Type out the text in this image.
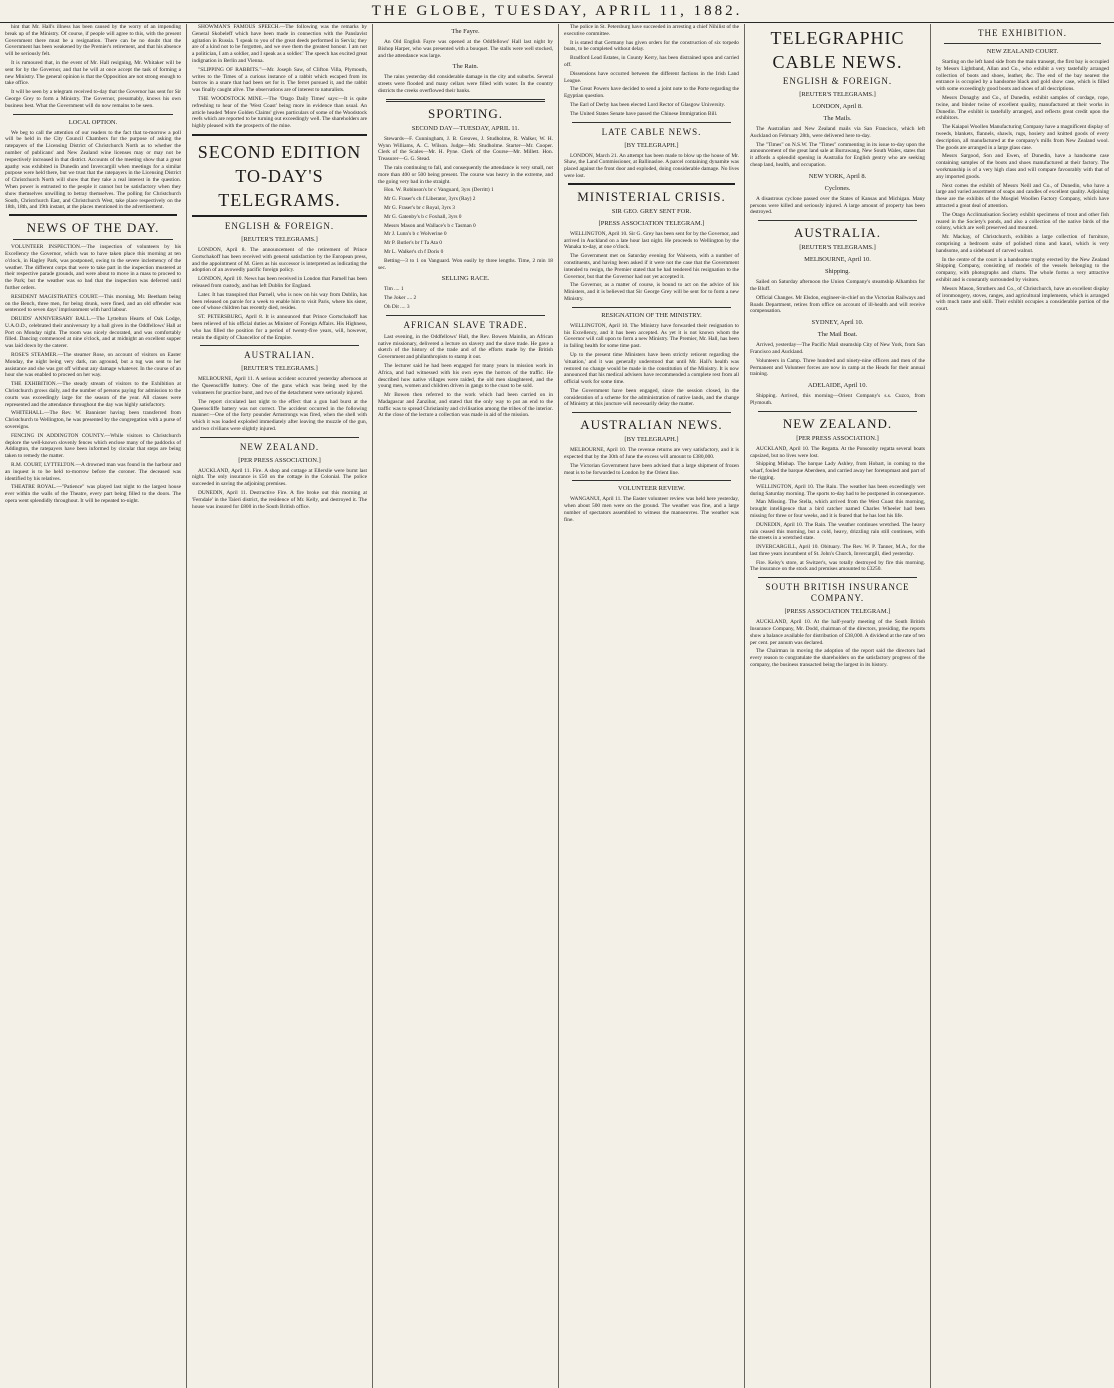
THE GLOBE, TUESDAY, APRIL 11, 1882.

hint that Mr. Hall's illness has been caused by the worry of an impending break up of the Ministry. Of course, if people will agree to this, with the present Government there must be a resignation. There can be no doubt that the Government has been weakened by the Premier's retirement, and that his absence will be seriously felt.

It is rumoured that, in the event of Mr. Hall resigning, Mr. Whitaker will be sent for by the Governor, and that he will at once accept the task of forming a new Ministry. The general opinion is that the Opposition are not strong enough to take office.

It will be seen by a telegram received to-day that the Governor has sent for Sir George Grey to form a Ministry. The Governor, presumably, knows his own business best. What the Government will do now remains to be seen.

LOCAL OPTION.

We beg to call the attention of our readers to the fact that to-morrow a poll will be held in the City Council Chambers for the purpose of asking the ratepayers of the Licensing District of Christchurch North as to whether the number of publicans' and New Zealand wine licenses may or may not be respectively increased in that district. Accounts of the meeting show that a great apathy was exhibited in Dunedin and Invercargill when meetings for a similar purpose were held there, but we trust that the ratepayers in the Licensing District of Christchurch North will show that they take a real interest in the question. When power is entrusted to the people it cannot but be satisfactory when they show themselves unwilling to betray themselves. The polling for Christchurch South, Christchurch East, and Christchurch West, take place respectively on the 18th, 18th, and 19th instant, at the places mentioned in the advertisement.

NEWS OF THE DAY.

VOLUNTEER INSPECTION.—The inspection of volunteers by his Excellency the Governor, which was to have taken place this morning at ten o'clock, in Hagley Park, was postponed, owing to the severe inclemency of the weather. The different corps that were to take part in the inspection mustered at their respective parade grounds, and were about to move in a mass to proceed to the Park; but the weather was so bad that the inspection was deferred until further orders.

RESIDENT MAGISTRATE'S COURT.—This morning, Mr. Beetham being on the Bench, three men, for being drunk, were fined, and an old offender was sentenced to seven days' imprisonment with hard labour.

DRUIDS' ANNIVERSARY BALL.—The Lyttelton Hearts of Oak Lodge, U.A.O.D., celebrated their anniversary by a ball given in the Oddfellows' Hall at Port on Monday night. The room was nicely decorated, and was comfortably filled. Dancing commenced at nine o'clock, and at midnight an excellent supper was laid down by the caterer.

ROSE'S STEAMER.—The steamer Rose, on account of visitors on Easter Monday, the night being very dark, ran aground, but a tug was sent to her assistance and she was got off without any damage whatever. In the course of an hour she was enabled to proceed on her way.

THE EXHIBITION.—The steady stream of visitors to the Exhibition at Christchurch grows daily, and the number of persons paying for admission to the courts was exceedingly large for the season of the year. All classes were represented and the attendance throughout the day was highly satisfactory.

WHITEHALL.—The Rev. W. Bannister having been transferred from Christchurch to Wellington, he was presented by the congregation with a purse of sovereigns.

FENCING IN ADDINGTON COUNTY.—While visitors to Christchurch deplore the well-known slovenly fences which enclose many of the paddocks of Addington, the ratepayers have been informed by circular that steps are being taken to remedy the matter.

R.M. COURT, LYTTELTON.—A drowned man was found in the harbour and an inquest is to be held to-morrow before the coroner. The deceased was identified by his relatives.

THEATRE ROYAL.—"Patience" was played last night to the largest house ever within the walls of the Theatre, every part being filled to the doors. The opera went splendidly throughout. It will be repeated to-night.

SHOWMAN'S FAMOUS SPEECH.—The following was the remarks by General Skobeleff which have been made in connection with the Panslavist agitation in Russia. 'I speak to you of the great deeds performed in Servia; they are of a kind not to be forgotten, and we owe them the greatest honour. I am not a politician, I am a soldier, and I speak as a soldier.' The speech has excited great indignation in Berlin and Vienna.

"SLIPPING OF RABBITS."—Mr. Joseph Saw, of Clifton Villa, Plymouth, writes to the Times of a curious instance of a rabbit which escaped from its burrow in a snare that had been set for it. The ferret pursued it, and the rabbit was finally caught alive. The observations are of interest to naturalists.

THE WOODSTOCK MINE.—The 'Otago Daily Times' says:—It is quite refreshing to hear of the 'West Coast' being more in evidence than usual. An article headed 'More Golden Claims' gives particulars of some of the Woodstock reefs which are reported to be turning out exceedingly well. The shareholders are highly pleased with the prospects of the mine.

SECOND EDITION
TO-DAY'S
TELEGRAMS.
ENGLISH & FOREIGN.
[REUTER'S TELEGRAMS.]

LONDON, April 8. The announcement of the retirement of Prince Gortschakoff has been received with general satisfaction by the European press, and the appointment of M. Giers as his successor is interpreted as indicating the adoption of an avowedly pacific foreign policy.

LONDON, April 10. News has been received in London that Parnell has been released from custody, and has left Dublin for England.

Later. It has transpired that Parnell, who is now on his way from Dublin, has been released on parole for a week to enable him to visit Paris, where his sister, one of whose children has recently died, resides.

ST. PETERSBURG, April 8. It is announced that Prince Gortschakoff has been relieved of his official duties as Minister of Foreign Affairs. His Highness, who has filled the position for a period of twenty-five years, will, however, retain the dignity of Chancellor of the Empire.

AUSTRALIAN.
[REUTER'S TELEGRAMS.]

MELBOURNE, April 11. A serious accident occurred yesterday afternoon at the Queenscliffe battery. One of the guns which was being used by the volunteers for practice burst, and two of the detachment were seriously injured.

The report circulated last night to the effect that a gun had burst at the Queenscliffe battery was not correct. The accident occurred in the following manner:—One of the forty pounder Armstrongs was fired, when the shell with which it was loaded exploded immediately after leaving the muzzle of the gun, and two civilians were slightly injured.

NEW ZEALAND.
[PER PRESS ASSOCIATION.]

AUCKLAND, April 11. Fire. A shop and cottage at Ellerslie were burnt last night. The only insurance is £50 on the cottage in the Colonial. The police succeeded in saving the adjoining premises.

DUNEDIN, April 11. Destructive Fire. A fire broke out this morning at 'Ferndale' in the Taieri district, the residence of Mr. Kelly, and destroyed it. The house was insured for £800 in the South British office.

The Fayre.

An Old English Fayre was opened at the Oddfellows' Hall last night by Bishop Harper, who was presented with a bouquet. The stalls were well stocked, and the attendance was large.

The Rain.

The rains yesterday did considerable damage in the city and suburbs. Several streets were flooded and many cellars were filled with water. In the country districts the creeks overflowed their banks.

SPORTING.
SECOND DAY—TUESDAY, APRIL 11.

Stewards—F. Cunningham, J. B. Greaves, J. Studholme, R. Walker, W. H. Wynn Williams, A. C. Wilson. Judge—Mr. Studholme. Starter—Mr. Cooper. Clerk of the Scales—Mr. H. Pyne. Clerk of the Course—Mr. Millett. Hon. Treasurer—G. G. Stead.

The rain continuing to fall, and consequently the attendance is very small, not more than 400 or 500 being present. The course was heavy in the extreme, and the going very bad in the straight.

Hon. W. Robinson's br c Vanguard, 3yrs (Derritt) 1

Mr G. Fraser's ch f Liberator, 3yrs (Ray) 2

Mr G. Fraser's br c Royal, 3yrs 3

Mr G. Gatenby's b c Foxhall, 3yrs 0

Messrs Mason and Wallace's b c Tasman 0

Mr J. Lunn's b c Wolverine 0

Mr P. Butler's br f Ta Ata 0

Mr L. Walker's ch f Doris 0

Betting—3 to 1 on Vanguard. Won easily by three lengths. Time, 2 min 18 sec.

SELLING RACE.

Tim .... 1

The Joker .... 2

Oh Dit .... 3

AFRICAN SLAVE TRADE.

Last evening, in the Oddfellows' Hall, the Rev. Bowen Mainlin, an African native missionary, delivered a lecture on slavery and the slave trade. He gave a sketch of the history of the trade and of the efforts made by the British Government and philanthropists to stamp it out.

The lecturer said he had been engaged for many years in mission work in Africa, and had witnessed with his own eyes the horrors of the traffic. He described how native villages were raided, the old men slaughtered, and the young men, women and children driven in gangs to the coast to be sold.

Mr Bowen then referred to the work which had been carried on in Madagascar and Zanzibar, and stated that the only way to put an end to the traffic was to spread Christianity and civilisation among the tribes of the interior. At the close of the lecture a collection was made in aid of the mission.

The police in St. Petersburg have succeeded in arresting a chief Nihilist of the executive committee.

It is stated that Germany has given orders for the construction of six torpedo boats, to be completed without delay.

Bradford Lead Estates, in County Kerry, has been distrained upon and carried off.

Dissensions have occurred between the different factions in the Irish Land League.

The Great Powers have decided to send a joint note to the Porte regarding the Egyptian question.

The Earl of Derby has been elected Lord Rector of Glasgow University.

The United States Senate have passed the Chinese Immigration Bill.

LATE CABLE NEWS.
[BY TELEGRAPH.]

LONDON, March 21. An attempt has been made to blow up the house of Mr. Shaw, the Land Commissioner, at Ballinasloe. A parcel containing dynamite was placed against the front door and exploded, doing considerable damage. No lives were lost.

MINISTERIAL CRISIS.
SIR GEO. GREY SENT FOR.
[PRESS ASSOCIATION TELEGRAM.]

WELLINGTON, April 10. Sir G. Grey has been sent for by the Governor, and arrived in Auckland on a late hour last night. He proceeds to Wellington by the Wanaka to-day, at one o'clock.

The Government met on Saturday evening for Waiwera, with a number of constituents, and having been asked if it were not the case that the Government intended to resign, the Premier stated that he had tendered his resignation to the Governor, but that the Governor had not yet accepted it.

The Governor, as a matter of course, is bound to act on the advice of his Ministers, and it is believed that Sir George Grey will be sent for to form a new Ministry.

RESIGNATION OF THE MINISTRY.

WELLINGTON, April 10. The Ministry have forwarded their resignation to his Excellency, and it has been accepted. As yet it is not known whom the Governor will call upon to form a new Ministry. The Premier, Mr. Hall, has been in failing health for some time past.

Up to the present time Ministers have been strictly reticent regarding the 'situation,' and it was generally understood that until Mr. Hall's health was restored no change would be made in the constitution of the Ministry. It is now announced that his medical advisers have recommended a complete rest from all official work for some time.

The Government have been engaged, since the session closed, in the consideration of a scheme for the administration of native lands, and the change of Ministry at this juncture will necessarily delay the matter.

AUSTRALIAN NEWS.
[BY TELEGRAPH.]

MELBOURNE, April 10. The revenue returns are very satisfactory, and it is expected that by the 30th of June the excess will amount to £380,000.

The Victorian Government have been advised that a large shipment of frozen meat is to be forwarded to London by the Orient line.

VOLUNTEER REVIEW.

WANGANUI, April 11. The Easter volunteer review was held here yesterday, when about 500 men were on the ground. The weather was fine, and a large number of spectators assembled to witness the manoeuvres. The weather was fine.

TELEGRAPHIC
CABLE NEWS.
ENGLISH & FOREIGN.
[REUTER'S TELEGRAMS.]
LONDON, April 8.
The Mails.

The Australian and New Zealand mails via San Francisco, which left Auckland on February 28th, were delivered here to-day.

The "Times" on N.S.W. The "Times" commenting in its issue to-day upon the announcement of the great land sale at Burrawang, New South Wales, states that it affords a splendid opening in Australia for English gentry who are seeking cheap land, health, and occupation.

NEW YORK, April 8.
Cyclones.

A disastrous cyclone passed over the States of Kansas and Michigan. Many persons were killed and seriously injured. A large amount of property has been destroyed.

AUSTRALIA.
[REUTER'S TELEGRAMS.]
MELBOURNE, April 10.
Shipping.

Sailed on Saturday afternoon the Union Company's steamship Alhambra for the Bluff.

Official Changes. Mr Elsdon, engineer-in-chief on the Victorian Railways and Roads Department, retires from office on account of ill-health and will receive compensation.

SYDNEY, April 10.
The Mail Boat.

Arrived, yesterday—The Pacific Mail steamship City of New York, from San Francisco and Auckland.

Volunteers in Camp. Three hundred and ninety-nine officers and men of the Permanent and Volunteer forces are now in camp at the Heads for their annual training.

ADELAIDE, April 10.

Shipping. Arrived, this morning—Orient Company's s.s. Cuzco, from Plymouth.

NEW ZEALAND.
[PER PRESS ASSOCIATION.]

AUCKLAND, April 10. The Regatta. At the Ponsonby regatta several boats capsized, but no lives were lost.

Shipping Mishap. The barque Lady Ashley, from Hobart, in coming to the wharf, fouled the barque Aberdeen, and carried away her foretopmast and part of the rigging.

WELLINGTON, April 10. The Rain. The weather has been exceedingly wet during Saturday morning. The sports to-day had to be postponed in consequence.

Man Missing. The Stella, which arrived from the West Coast this morning, brought intelligence that a bird catcher named Charles Wheeler had been missing for three or four weeks, and it is feared that he has lost his life.

DUNEDIN, April 10. The Rain. The weather continues wretched. The heavy rain ceased this morning, but a cold, heavy, drizzling rain still continues, with the streets in a wretched state.

INVERCARGILL, April 10. Obituary. The Rev. W. P. Tanner, M.A., for the last three years incumbent of St. John's Church, Invercargill, died yesterday.

Fire. Kelsy's store, at Switzer's, was totally destroyed by fire this morning. The insurance on the stock and premises amounted to £3250.

SOUTH BRITISH INSURANCE COMPANY.
[PRESS ASSOCIATION TELEGRAM.]

AUCKLAND, April 10. At the half-yearly meeting of the South British Insurance Company, Mr. Dodd, chairman of the directors, presiding, the reports show a balance available for distribution of £38,000. A dividend at the rate of ten per cent. per annum was declared.

The Chairman in moving the adoption of the report said the directors had every reason to congratulate the shareholders on the satisfactory progress of the company, the business transacted being the largest in its history.

THE EXHIBITION.
NEW ZEALAND COURT.

Starting on the left hand side from the main transept, the first bay is occupied by Messrs Lightband, Allan and Co., who exhibit a very tastefully arranged collection of boots and shoes, leather, &c. The end of the bay nearest the entrance is occupied by a handsome black and gold show case, which is filled with some exceedingly good boots and shoes of all descriptions.

Messrs Donaghy and Co., of Dunedin, exhibit samples of cordage, rope, twine, and binder twine of excellent quality, manufactured at their works in Dunedin. The exhibit is tastefully arranged, and reflects great credit upon the exhibitors.

The Kaiapoi Woollen Manufacturing Company have a magnificent display of tweeds, blankets, flannels, shawls, rugs, hosiery and knitted goods of every description, all manufactured at the company's mills from New Zealand wool. The goods are arranged in a large glass case.

Messrs Sargood, Son and Ewen, of Dunedin, have a handsome case containing samples of the boots and shoes manufactured at their factory. The workmanship is of a very high class and will compare favourably with that of any imported goods.

Next comes the exhibit of Messrs Neill and Co., of Dunedin, who have a large and varied assortment of soaps and candles of excellent quality. Adjoining these are the exhibits of the Mosgiel Woollen Factory Company, which have attracted a great deal of attention.

The Otago Acclimatisation Society exhibit specimens of trout and other fish reared in the Society's ponds, and also a collection of the native birds of the colony, which are well preserved and mounted.

Mr. Mackay, of Christchurch, exhibits a large collection of furniture, comprising a bedroom suite of polished rimu and kauri, which is very handsome, and a sideboard of carved walnut.

In the centre of the court is a handsome trophy erected by the New Zealand Shipping Company, consisting of models of the vessels belonging to the company, with photographs and charts. The whole forms a very attractive exhibit and is constantly surrounded by visitors.

Messrs Mason, Struthers and Co., of Christchurch, have an excellent display of ironmongery, stoves, ranges, and agricultural implements, which is arranged with much taste and skill. Their exhibit occupies a considerable portion of the court.
